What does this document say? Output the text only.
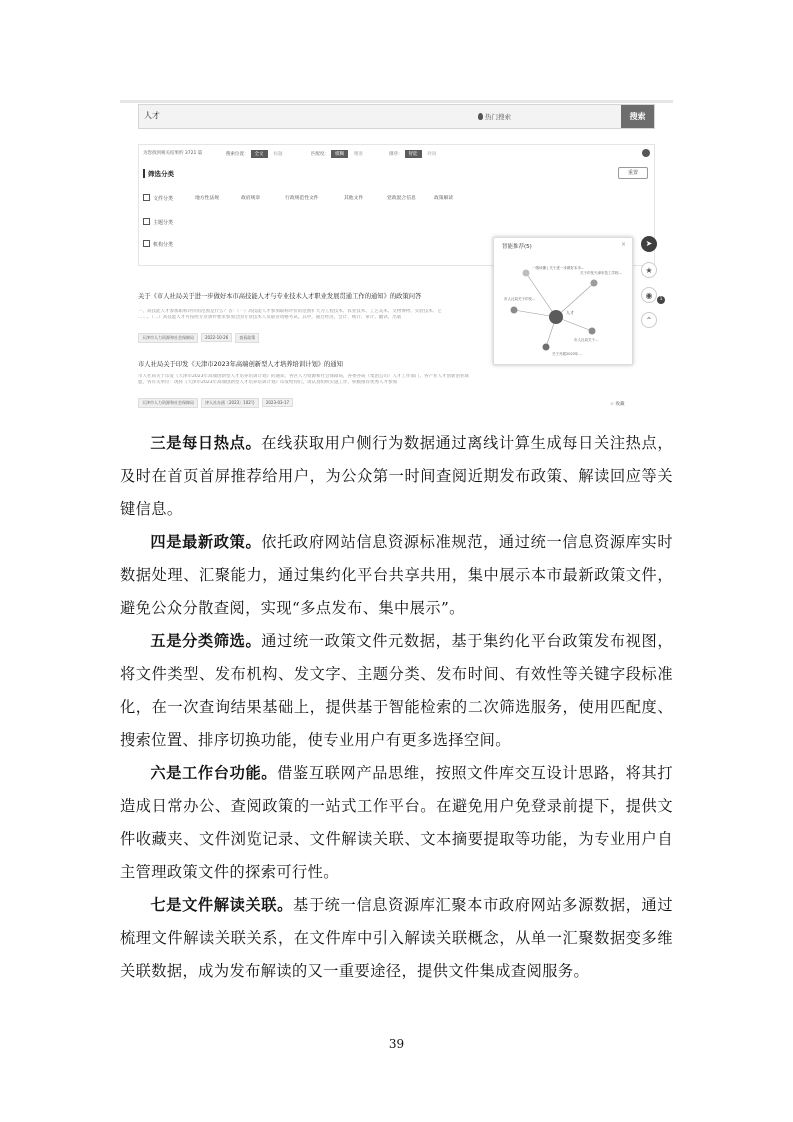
人才	热门搜索	搜索
为您找到相关结果约 3721 篇	搜索位置： 全文 标题	匹配度： 模糊 精准	排序： 智能 时间
筛选分类	重置
文件分类
主题分类
机构分类
地方性法规	政府规章	行政规范性文件	其他文件	党政混合信息	政策解读
关于《市人社局关于进一步做好本市高技能人才与专业技术人才职业发展贯通工作的通知》的政策问答
一、高技能人才参加职称评价的范围是什么？答：（一）高技能人才参加职称评价的范围扩大为工程技术、农业技术、工艺美术、文物博物、实验技术、艺
……。（二）高技能人才可按照专业条件要求参加全国专业技术人员职业资格考试。其中，通过经济、会计、统计、审计、翻译、出版
天津市人力资源和社会保障局	2022-10-26	查看政策
市人社局关于印发《天津市2023年高端创新型人才培养培训计划》的通知
市人社局关于印发《天津市2023年高端创新型人才培养培训计划》的通知，各区人力资源和社会保障局，各委办局（集团公司）人才工作部门，各产业人才创新创业联
盟，各有关单位：现将《天津市2023年高端创新型人才培养培训计划》印发给你们，请认真组织实施工作，积极推荐优秀人才参加
天津市人力资源和社会保障局	津人社办函〔2023〕102号	2023-03-17	☆ 收藏
智能推荐(5)	×
人才
一图读懂 | 关于进一步做好本市…
关于印发天津市技工学校…
市人社局关于印发…
市人社局关于…
关于开展2023年…
➤
★
◉	1
⌃

三是每日热点。在线获取用户侧行为数据通过离线计算生成每日关注热点，及时在首页首屏推荐给用户，为公众第一时间查阅近期发布政策、解读回应等关键信息。

四是最新政策。依托政府网站信息资源标准规范，通过统一信息资源库实时数据处理、汇聚能力，通过集约化平台共享共用，集中展示本市最新政策文件，避免公众分散查阅，实现“多点发布、集中展示”。

五是分类筛选。通过统一政策文件元数据，基于集约化平台政策发布视图，将文件类型、发布机构、发文字、主题分类、发布时间、有效性等关键字段标准化，在一次查询结果基础上，提供基于智能检索的二次筛选服务，使用匹配度、搜索位置、排序切换功能，使专业用户有更多选择空间。

六是工作台功能。借鉴互联网产品思维，按照文件库交互设计思路，将其打造成日常办公、查阅政策的一站式工作平台。在避免用户免登录前提下，提供文件收藏夹、文件浏览记录、文件解读关联、文本摘要提取等功能，为专业用户自主管理政策文件的探索可行性。

七是文件解读关联。基于统一信息资源库汇聚本市政府网站多源数据，通过梳理文件解读关联关系，在文件库中引入解读关联概念，从单一汇聚数据变多维关联数据，成为发布解读的又一重要途径，提供文件集成查阅服务。

39
